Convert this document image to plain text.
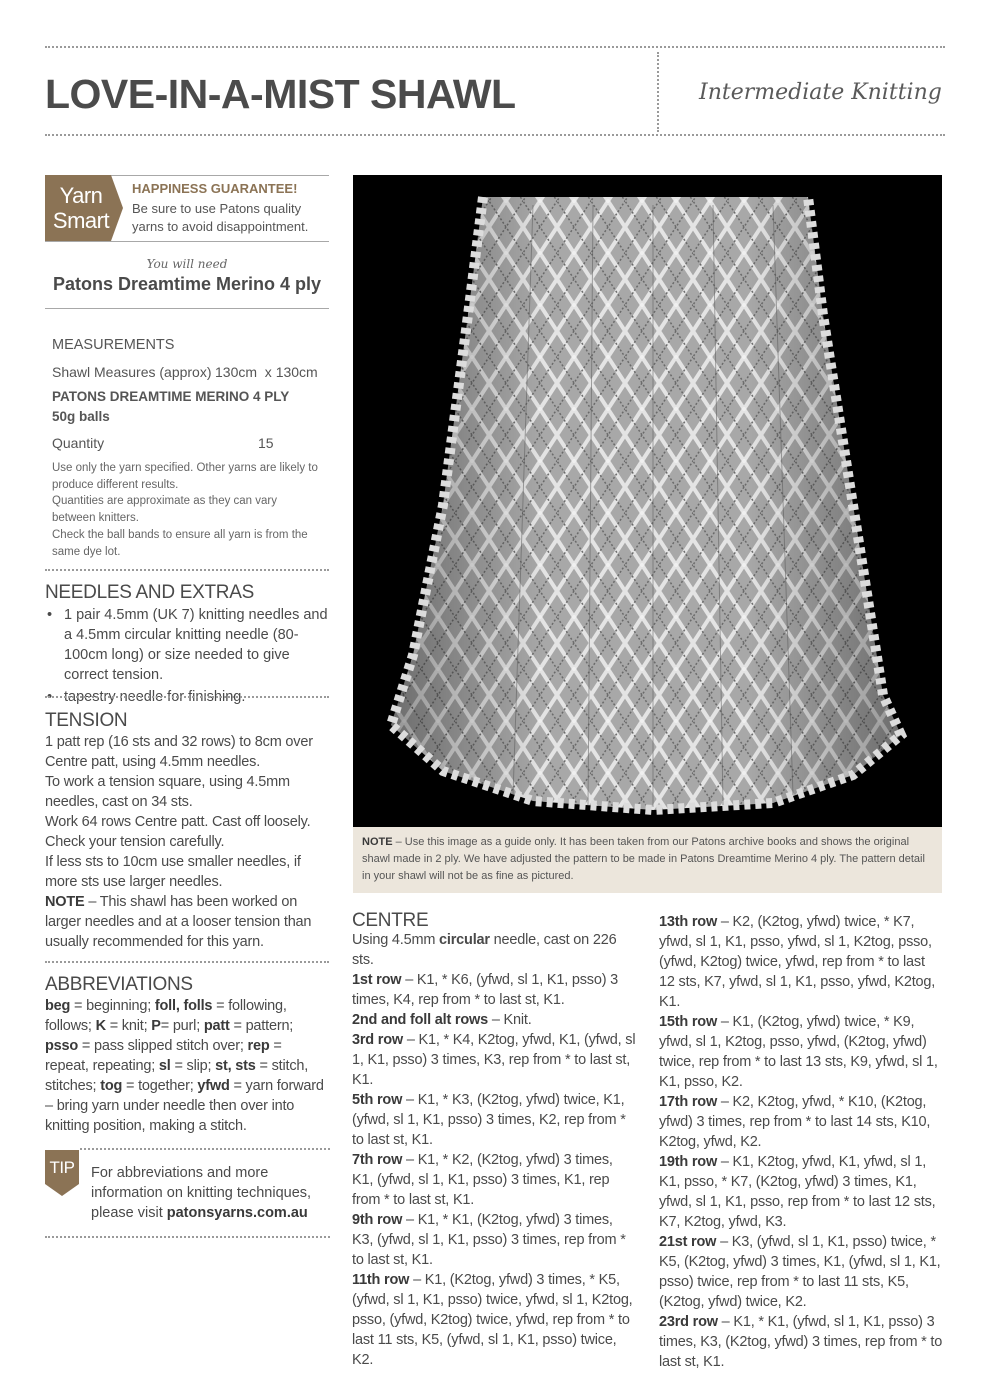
LOVE-IN-A-MIST SHAWL	Intermediate Knitting
Yarn
Smart
HAPPINESS GUARANTEE!
Be sure to use Patons quality yarns to avoid disappointment.
You will need
Patons Dreamtime Merino 4 ply
MEASUREMENTS
Shawl Measures (approx) 130cm  x 130cm
PATONS DREAMTIME MERINO 4 PLY
50g balls
Quantity	15
Use only the yarn specified. Other yarns are likely to produce different results.
Quantities are approximate as they can vary between knitters.
Check the ball bands to ensure all yarn is from the same dye lot.
NEEDLES AND EXTRAS
• 1 pair 4.5mm (UK 7) knitting needles and a 4.5mm circular knitting needle (80-100cm long) or size needed to give correct tension.
• tapestry needle for finishing.
TENSION
1 patt rep (16 sts and 32 rows) to 8cm over Centre patt, using 4.5mm needles.
To work a tension square, using 4.5mm needles, cast on 34 sts.
Work 64 rows Centre patt. Cast off loosely.
Check your tension carefully.
If less sts to 10cm use smaller needles, if more sts use larger needles.
NOTE – This shawl has been worked on larger needles and at a looser tension than usually recommended for this yarn.
ABBREVIATIONS
beg = beginning; foll, folls = following, follows; K = knit; P= purl; patt = pattern; psso = pass slipped stitch over; rep = repeat, repeating; sl = slip; st, sts = stitch, stitches; tog = together; yfwd = yarn forward – bring yarn under needle then over into knitting position, making a stitch.
TIP	For abbreviations and more information on knitting techniques, please visit patonsyarns.com.au
NOTE – Use this image as a guide only. It has been taken from our Patons archive books and shows the original shawl made in 2 ply. We have adjusted the pattern to be made in Patons Dreamtime Merino 4 ply. The pattern detail in your shawl will not be as fine as pictured.
CENTRE
Using 4.5mm circular needle, cast on 226 sts.
1st row – K1, * K6, (yfwd, sl 1, K1, psso) 3 times, K4, rep from * to last st, K1.
2nd and foll alt rows – Knit.
3rd row – K1, * K4, K2tog, yfwd, K1, (yfwd, sl 1, K1, psso) 3 times, K3, rep from * to last st, K1.
5th row – K1, * K3, (K2tog, yfwd) twice, K1, (yfwd, sl 1, K1, psso) 3 times, K2, rep from * to last st, K1.
7th row – K1, * K2, (K2tog, yfwd) 3 times, K1, (yfwd, sl 1, K1, psso) 3 times, K1, rep from * to last st, K1.
9th row – K1, * K1, (K2tog, yfwd) 3 times, K3, (yfwd, sl 1, K1, psso) 3 times, rep from * to last st, K1.
11th row – K1, (K2tog, yfwd) 3 times, * K5, (yfwd, sl 1, K1, psso) twice, yfwd, sl 1, K2tog, psso, (yfwd, K2tog) twice, yfwd, rep from * to last 11 sts, K5, (yfwd, sl 1, K1, psso) twice, K2.
13th row – K2, (K2tog, yfwd) twice, * K7, yfwd, sl 1, K1, psso, yfwd, sl 1, K2tog, psso, (yfwd, K2tog) twice, yfwd, rep from * to last 12 sts, K7, yfwd, sl 1, K1, psso, yfwd, K2tog, K1.
15th row – K1, (K2tog, yfwd) twice, * K9, yfwd, sl 1, K2tog, psso, yfwd, (K2tog, yfwd) twice, rep from * to last 13 sts, K9, yfwd, sl 1, K1, psso, K2.
17th row – K2, K2tog, yfwd, * K10, (K2tog, yfwd) 3 times, rep from * to last 14 sts, K10, K2tog, yfwd, K2.
19th row – K1, K2tog, yfwd, K1, yfwd, sl 1, K1, psso, * K7, (K2tog, yfwd) 3 times, K1, yfwd, sl 1, K1, psso, rep from * to last 12 sts, K7, K2tog, yfwd, K3.
21st row – K3, (yfwd, sl 1, K1, psso) twice, * K5, (K2tog, yfwd) 3 times, K1, (yfwd, sl 1, K1, psso) twice, rep from * to last 11 sts, K5, (K2tog, yfwd) twice, K2.
23rd row – K1, * K1, (yfwd, sl 1, K1, psso) 3 times, K3, (K2tog, yfwd) 3 times, rep from * to last st, K1.
